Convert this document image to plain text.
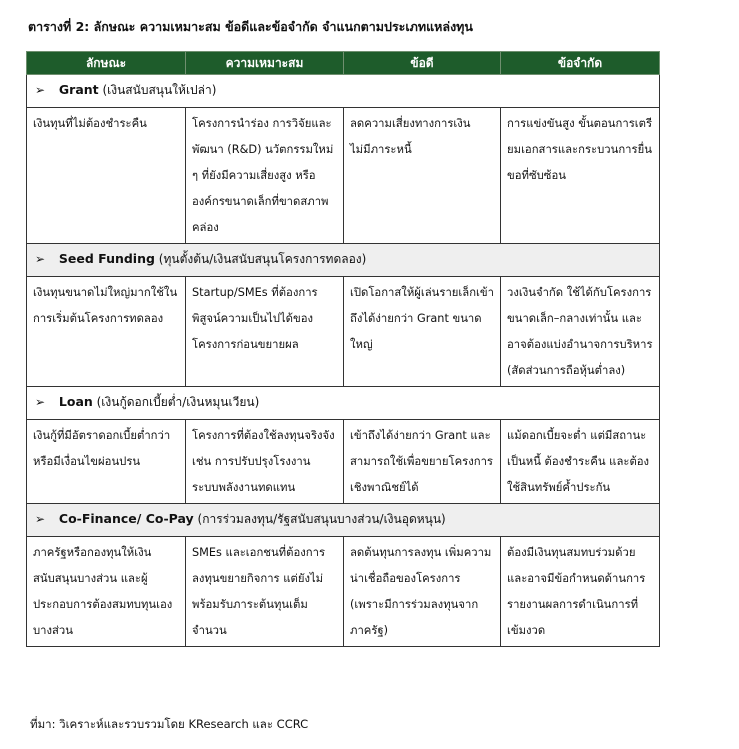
ตารางที่ 2: ลักษณะ ความเหมาะสม ข้อดีและข้อจำกัด จำแนกตามประเภทแหล่งทุน
ลักษณะ	ความเหมาะสม	ข้อดี	ข้อจำกัด
➢ Grant (เงินสนับสนุนให้เปล่า)			
เงินทุนที่ไม่ต้องชำระคืน	โครงการนำร่อง การวิจัยและพัฒนา (R&D) นวัตกรรมใหม่ ๆ ที่ยังมีความเสี่ยงสูง หรือองค์กรขนาดเล็กที่ขาดสภาพคล่อง	ลดความเสี่ยงทางการเงิน ไม่มีภาระหนี้	การแข่งขันสูง ขั้นตอนการเตรียมเอกสารและกระบวนการยื่นขอที่ซับซ้อน
➢ Seed Funding (ทุนตั้งต้น/เงินสนับสนุนโครงการทดลอง)			
เงินทุนขนาดไม่ใหญ่มากใช้ในการเริ่มต้นโครงการทดลอง	Startup/SMEs ที่ต้องการพิสูจน์ความเป็นไปได้ของโครงการก่อนขยายผล	เปิดโอกาสให้ผู้เล่นรายเล็กเข้าถึงได้ง่ายกว่า Grant ขนาดใหญ่	วงเงินจำกัด ใช้ได้กับโครงการขนาดเล็ก–กลางเท่านั้น และอาจต้องแบ่งอำนาจการบริหาร (สัดส่วนการถือหุ้นต่ำลง)
➢ Loan (เงินกู้ดอกเบี้ยต่ำ/เงินหมุนเวียน)			
เงินกู้ที่มีอัตราดอกเบี้ยต่ำกว่า หรือมีเงื่อนไขผ่อนปรน	โครงการที่ต้องใช้ลงทุนจริงจัง เช่น การปรับปรุงโรงงาน ระบบพลังงานทดแทน	เข้าถึงได้ง่ายกว่า Grant และสามารถใช้เพื่อขยายโครงการเชิงพาณิชย์ได้	แม้ดอกเบี้ยจะต่ำ แต่มีสถานะเป็นหนี้ ต้องชำระคืน และต้องใช้สินทรัพย์ค้ำประกัน
➢ Co-Finance/ Co-Pay (การร่วมลงทุน/รัฐสนับสนุนบางส่วน/เงินอุดหนุน)			
ภาครัฐหรือกองทุนให้เงินสนับสนุนบางส่วน และผู้ประกอบการต้องสมทบทุนเองบางส่วน	SMEs และเอกชนที่ต้องการลงทุนขยายกิจการ แต่ยังไม่พร้อมรับภาระต้นทุนเต็มจำนวน	ลดต้นทุนการลงทุน เพิ่มความน่าเชื่อถือของโครงการ (เพราะมีการร่วมลงทุนจากภาครัฐ)	ต้องมีเงินทุนสมทบร่วมด้วย และอาจมีข้อกำหนดด้านการรายงานผลการดำเนินการที่เข้มงวด
ที่มา: วิเคราะห์และรวบรวมโดย KResearch และ CCRC
